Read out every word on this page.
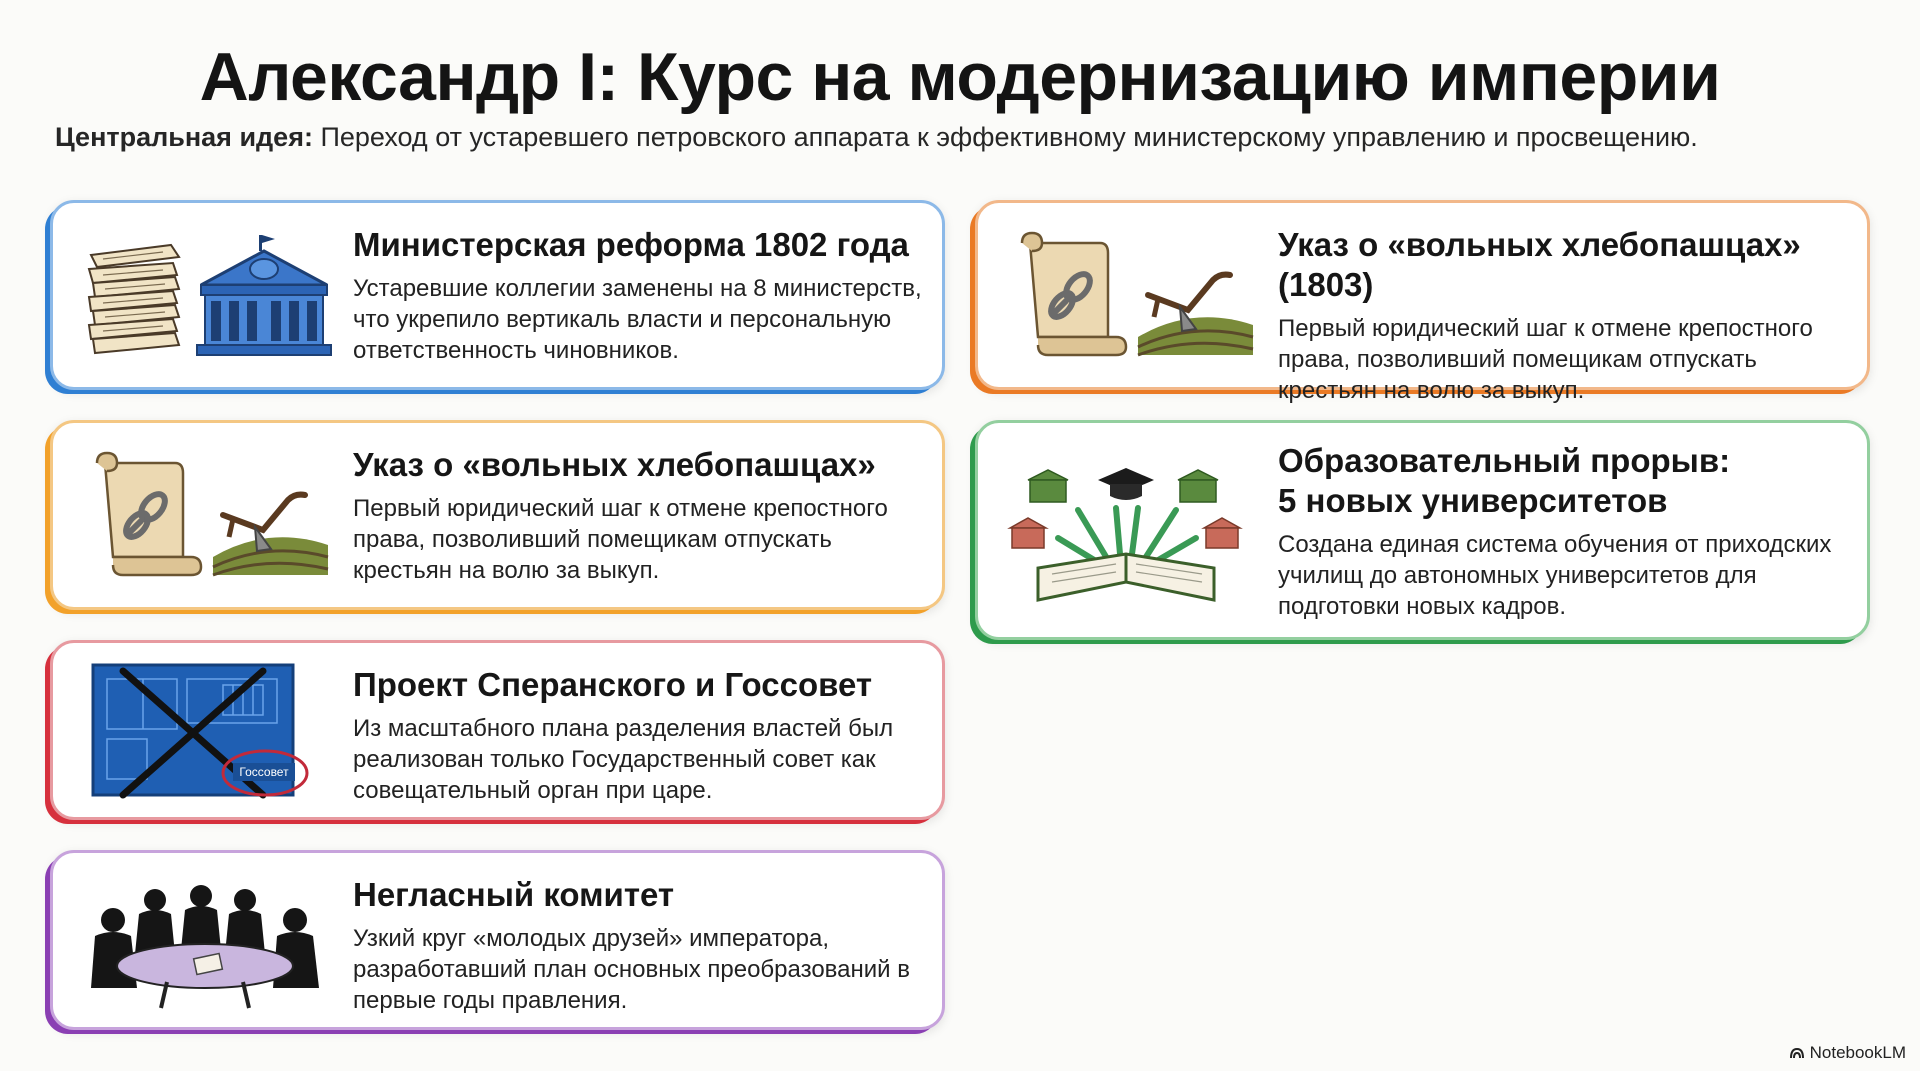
Александр I: Курс на модернизацию империи
Центральная идея: Переход от устаревшего петровского аппарата к эффективному министерскому управлению и просвещению.
Министерская реформа 1802 года
Устаревшие коллегии заменены на 8 министерств, что укрепило вертикаль власти и персональную ответственность чиновников.
Указ о «вольных хлебопашцах»
Первый юридический шаг к отмене крепостного права, позволивший помещикам отпускать крестьян на волю за выкуп.
Госсовет
Проект Сперанского и Госсовет
Из масштабного плана разделения властей был реализован только Государственный совет как совещательный орган при царе.
Негласный комитет
Узкий круг «молодых друзей» императора, разработавший план основных преобразований в первые годы правления.
Указ о «вольных хлебопашцах» (1803)
Первый юридический шаг к отмене крепостного права, позволивший помещикам отпускать крестьян на волю за выкуп.
Образовательный прорыв:
5 новых университетов
Создана единая система обучения от приходских училищ до автономных университетов для подготовки новых кадров.
NotebookLM
